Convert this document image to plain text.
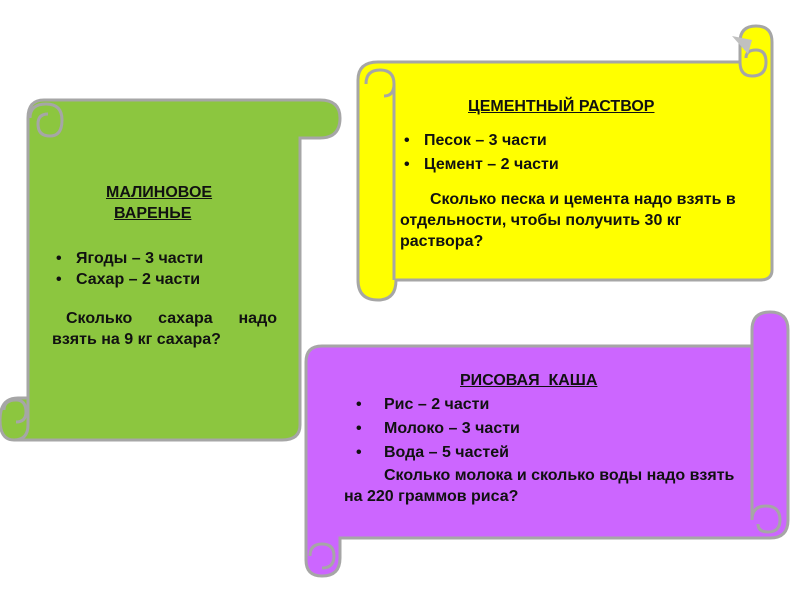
МАЛИНОВОЕ
ВАРЕНЬЕ
• Ягоды – 3 части
• Сахар – 2 части
Сколько сахара надо взять на 9 кг сахара?
ЦЕМЕНТНЫЙ РАСТВОР
• Песок – 3 части
• Цемент – 2 части
Сколько песка и цемента надо взять в отдельности, чтобы получить 30 кг раствора?
РИСОВАЯ  КАША
• Рис – 2 части
• Молоко – 3 части
• Вода – 5 частей
Сколько молока и сколько воды надо взять на 220 граммов риса?
